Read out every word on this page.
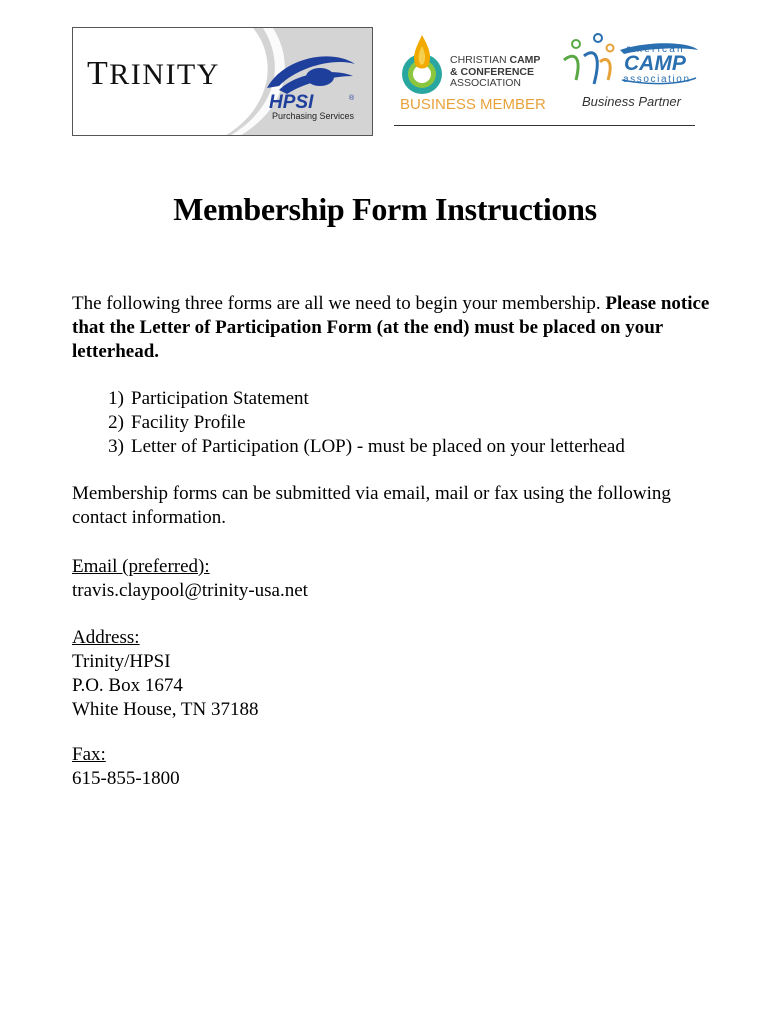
TRINITY
HPSI	®
Purchasing Services
CHRISTIAN CAMP
& CONFERENCE
ASSOCIATION
BUSINESS MEMBER
american
CAMP
association
Business Partner
Membership Form Instructions

The following three forms are all we need to begin your membership. Please notice that the Letter of Participation Form (at the end) must be placed on your letterhead.

1) Participation Statement
2) Facility Profile
3) Letter of Participation (LOP) - must be placed on your letterhead

Membership forms can be submitted via email, mail or fax using the following contact information.

Email (preferred):
travis.claypool@trinity-usa.net
Address:
Trinity/HPSI
P.O. Box 1674
White House, TN 37188
Fax:
615-855-1800
